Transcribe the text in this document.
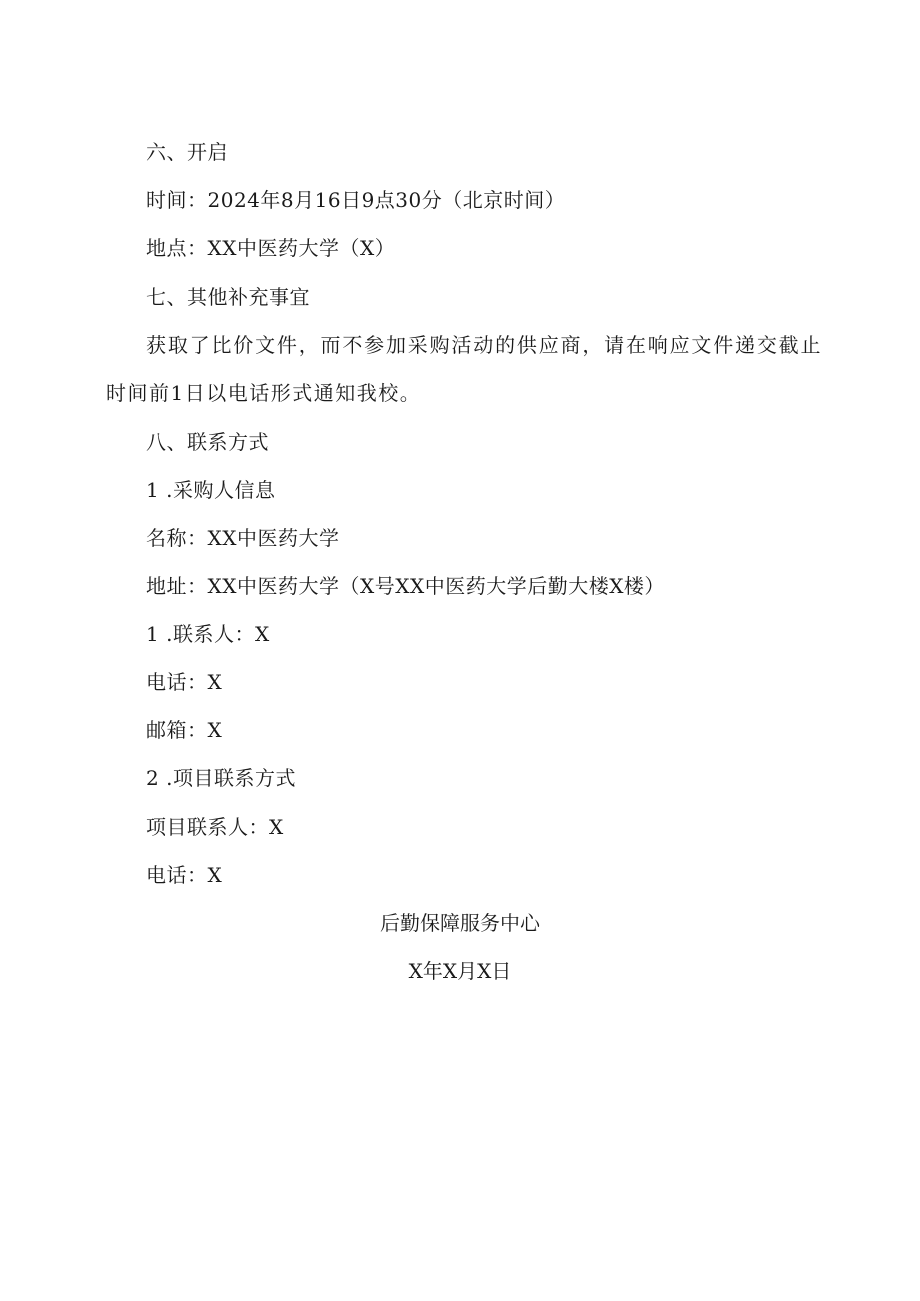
六、开启
时间：2024年8月16日9点30分（北京时间）
地点：XX中医药大学（X）
七、其他补充事宜
获取了比价文件，而不参加采购活动的供应商，请在响应文件递交截止时间前1日以电话形式通知我校。
八、联系方式
1 .采购人信息
名称：XX中医药大学
地址：XX中医药大学（X号XX中医药大学后勤大楼X楼）
1 .联系人：X
电话：X
邮箱：X
2 .项目联系方式
项目联系人：X
电话：X
后勤保障服务中心
X年X月X日
